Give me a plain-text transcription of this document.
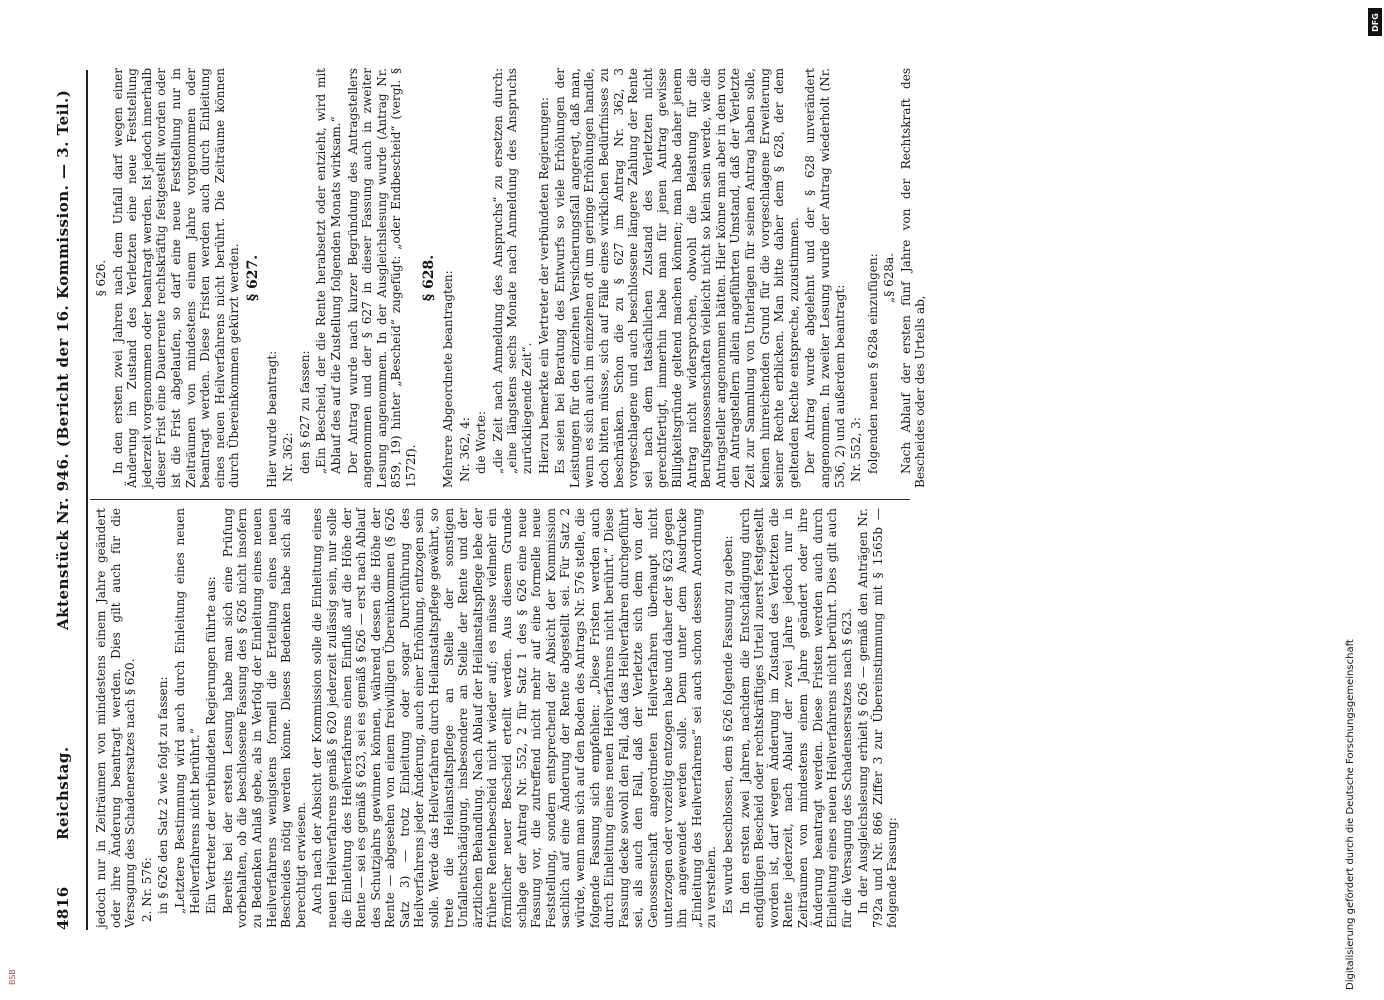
4816
Reichstag.
Aktenstück Nr. 946. (Bericht der 16. Kommission. — 3. Teil.)

jedoch nur in Zeiträumen von mindestens einem Jahre geändert oder ihre Änderung beantragt werden. Dies gilt auch für die Versagung des Schadenersatzes nach § 620. 2. Nr. 576: in § 626 den Satz 2 wie folgt zu fassen: „Letztere Bestimmung wird auch durch Einleitung eines neuen Heilverfahrens nicht berührt.“ Ein Vertreter der verbündeten Regierungen führte aus: Bereits bei der ersten Lesung habe man sich eine Prüfung vorbehalten, ob die beschlossene Fassung des § 626 nicht insofern zu Bedenken Anlaß gebe, als in Verfolg der Einleitung eines neuen Heilverfahrens wenigstens formell die Erteilung eines neuen Bescheides nötig werden könne. Dieses Bedenken habe sich als berechtigt erwiesen. Auch nach der Absicht der Kommission solle die Einleitung eines neuen Heilverfahrens gemäß § 620 jederzeit zulässig sein, nur solle die Einleitung des Heilverfahrens einen Einfluß auf die Höhe der Rente — sei es gemäß § 623, sei es gemäß § 626 — erst nach Ablauf des Schutzjahrs gewinnen können, während dessen die Höhe der Rente — abgesehen von einem freiwilligen Übereinkommen (§ 626 Satz 3) — trotz Einleitung oder sogar Durchführung des Heilverfahrens jeder Änderung, auch einer Erhöhung, entzogen sein solle. Werde das Heilverfahren durch Heilanstaltspflege gewährt, so trete die Heilanstaltspflege an Stelle der sonstigen Unfallentschädigung, insbesondere an Stelle der Rente und der ärztlichen Behandlung. Nach Ablauf der Heilanstaltspflege lebe der frühere Rentenbescheid nicht wieder auf; es müsse vielmehr ein förmlicher neuer Bescheid erteilt werden. Aus diesem Grunde schlage der Antrag Nr. 552, 2 für Satz 1 des § 626 eine neue Fassung vor, die zutreffend nicht mehr auf eine formelle neue Feststellung, sondern entsprechend der Absicht der Kommission sachlich auf eine Änderung der Rente abgestellt sei. Für Satz 2 würde, wenn man sich auf den Boden des Antrags Nr. 576 stelle, die folgende Fassung sich empfehlen: „Diese Fristen werden auch durch Einleitung eines neuen Heilverfahrens nicht berührt.“ Diese Fassung decke sowohl den Fall, daß das Heilverfahren durchgeführt sei, als auch den Fall, daß der Verletzte sich dem von der Genossenschaft angeordneten Heilverfahren überhaupt nicht unterzogen oder vorzeitig entzogen habe und daher der § 623 gegen ihn angewendet werden solle. Denn unter dem Ausdrucke „Einleitung des Heilverfahrens“ sei auch schon dessen Anordnung zu verstehen. Es wurde beschlossen, dem § 626 folgende Fassung zu geben: In den ersten zwei Jahren, nachdem die Entschädigung durch endgültigen Bescheid oder rechtskräftiges Urteil zuerst festgestellt worden ist, darf wegen Änderung im Zustand des Verletzten die Rente jederzeit, nach Ablauf der zwei Jahre jedoch nur in Zeiträumen von mindestens einem Jahre geändert oder ihre Änderung beantragt werden. Diese Fristen werden auch durch Einleitung eines neuen Heilverfahrens nicht berührt. Dies gilt auch für die Versagung des Schadensersatzes nach § 623. In der Ausgleichslesung erhielt § 626 — gemäß den Anträgen Nr. 792a und Nr. 866 Ziffer 3 zur Übereinstimmung mit § 1565b — folgende Fassung:

§ 626. In den ersten zwei Jahren nach dem Unfall darf wegen einer Änderung im Zustand des Verletzten eine neue Feststellung jederzeit vorgenommen oder beantragt werden. Ist jedoch innerhalb dieser Frist eine Dauerrente rechtskräftig festgestellt worden oder ist die Frist abgelaufen, so darf eine neue Feststellung nur in Zeiträumen von mindestens einem Jahre vorgenommen oder beantragt werden. Diese Fristen werden auch durch Einleitung eines neuen Heilverfahrens nicht berührt. Die Zeiträume können durch Übereinkommen gekürzt werden. § 627.

Hier wurde beantragt: Nr. 362: den § 627 zu fassen: „Ein Bescheid, der die Rente herabsetzt oder entzieht, wird mit Ablauf des auf die Zustellung folgenden Monats wirksam.“ Der Antrag wurde nach kurzer Begründung des Antragstellers angenommen und der § 627 in dieser Fassung auch in zweiter Lesung angenommen. In der Ausgleichslesung wurde (Antrag Nr. 859, 19) hinter „Bescheid“ zugefügt: „oder Endbescheid“ (vergl. § 1572f).

§ 628. Mehrere Abgeordnete beantragten: Nr. 362, 4: die Worte: „die Zeit nach Anmeldung des Anspruchs“ zu ersetzen durch: „eine längstens sechs Monate nach Anmeldung des Anspruchs zurückliegende Zeit“. Hierzu bemerkte ein Vertreter der verbündeten Regierungen: Es seien bei Beratung des Entwurfs so viele Erhöhungen der Leistungen für den einzelnen Versicherungsfall angeregt, daß man, wenn es sich auch im einzelnen oft um geringe Erhöhungen handle, doch bitten müsse, sich auf Fälle eines wirklichen Bedürfnisses zu beschränken. Schon die zu § 627 im Antrag Nr. 362, 3 vorgeschlagene und auch beschlossene längere Zahlung der Rente sei nach dem tatsächlichen Zustand des Verletzten nicht gerechtfertigt, immerhin habe man für jenen Antrag gewisse Billigkeitsgründe geltend machen können; man habe daher jenem Antrag nicht widersprochen, obwohl die Belastung für die Berufsgenossenschaften vielleicht nicht so klein sein werde, wie die Antragsteller angenommen hätten. Hier könne man aber in dem von den Antragstellern allein angeführten Umstand, daß der Verletzte Zeit zur Sammlung von Unterlagen für seinen Antrag haben solle, keinen hinreichenden Grund für die vorgeschlagene Erweiterung seiner Rechte erblicken. Man bitte daher dem § 628, der dem geltenden Rechte entspreche, zuzustimmen. Der Antrag wurde abgelehnt und der § 628 unverändert angenommen. In zweiter Lesung wurde der Antrag wiederholt (Nr. 536, 2) und außerdem beantragt: Nr. 552, 3: folgenden neuen § 628a einzufügen: „§ 628a. Nach Ablauf der ersten fünf Jahre von der Rechtskraft des Bescheides oder des Urteils ab,

Digitalisierung gefördert durch die Deutsche Forschungsgemeinschaft
DFG
BSB
